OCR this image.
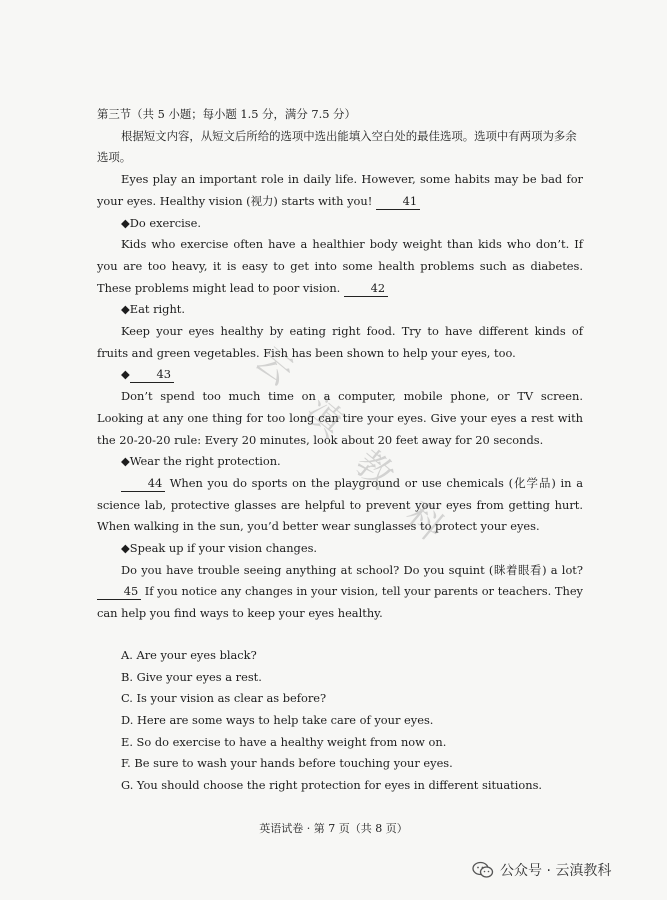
第三节（共 5 小题；每小题 1.5 分，满分 7.5 分）

根据短文内容，从短文后所给的选项中选出能填入空白处的最佳选项。选项中有两项为多余选项。

Eyes play an important role in daily life. However, some habits may be bad for your eyes. Healthy vision (视力) starts with you!	41

◆Do exercise.

Kids who exercise often have a healthier body weight than kids who don’t. If you are too heavy, it is easy to get into some health problems such as diabetes. These problems might lead to poor vision.	42

◆Eat right.

Keep your eyes healthy by eating right food. Try to have different kinds of fruits and green vegetables. Fish has been shown to help your eyes, too.

◆ 43

Don’t spend too much time on a computer, mobile phone, or TV screen. Looking at any one thing for too long can tire your eyes. Give your eyes a rest with the 20-20-20 rule: Every 20 minutes, look about 20 feet away for 20 seconds.

◆Wear the right protection.

44 When you do sports on the playground or use chemicals (化学品) in a science lab, protective glasses are helpful to prevent your eyes from getting hurt. When walking in the sun, you’d better wear sunglasses to protect your eyes.

◆Speak up if your vision changes.

Do you have trouble seeing anything at school? Do you squint (眯着眼看) a lot? 45 If you notice any changes in your vision, tell your parents or teachers. They can help you find ways to keep your eyes healthy.

A. Are your eyes black?

B. Give your eyes a rest.

C. Is your vision as clear as before?

D. Here are some ways to help take care of your eyes.

E. So do exercise to have a healthy weight from now on.

F. Be sure to wash your hands before touching your eyes.

G. You should choose the right protection for eyes in different situations.

云
滇
教
科
英语试卷 · 第 7 页（共 8 页）
公众号 · 云滇教科
